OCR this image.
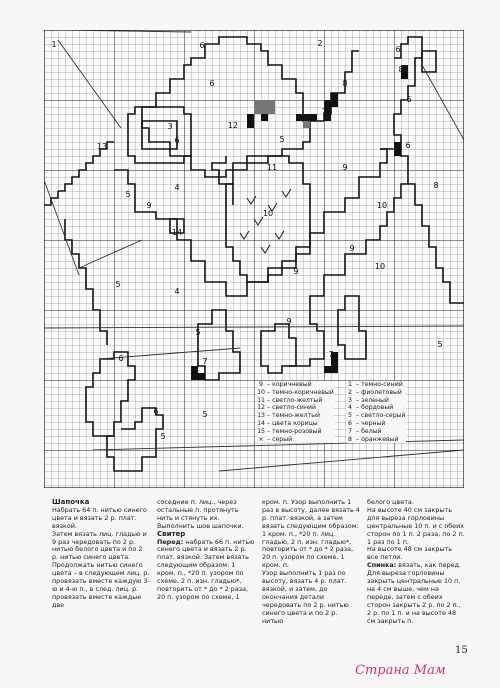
1	6	6
8
6
3
6
6
7
8
2
13
5
12
5
11
6
4
9
9
10
14
4
10
9
5
9
10
5
9
5
6	7
7
5
6	5
8
9 – коричневый
10 – темно-коричневый
11 – светло-желтый
12 – светло-синий
13 – темно-желтый
14 – цвета корицы
15 – темно-розовый
× – серый
1 – темно-синий
2 – фиолетовый
3 – зеленый
4 – бордовый
5 – светло-серый
6 – черный
7 – белый
8 – оранжевый

Шапочка

Набрать 64 п. нитью синего цвета и вязать 2 р. плат. вязкой.

Затем вязать лиц. гладью и 9 раз чередовать по 2 р. нитью белого цвета и по 2 р. нитью синего цвета.

Продолжать нитью синего цвета – в следующем лиц. р. провязать вместе каждую 3-ю и 4-ю п., в след. лиц. р. провязать вместе каждые две

соседние п. лиц., через остальные п. протянуть нить и стянуть их.

Выполнить шов шапочки.

Свитер

Перед: набрать 66 п. нитью синего цвета и вязать 2 р. плат. вязкой. Затем вязать следующим образом: 1 кром. п., *20 п. узором по схеме, 2 п. изн. гладью*, повторить от * до * 2 раза, 20 п. узором по схеме, 1

кром. п. Узор выполнить 1 раз в высоту, далее вязать 4 р. плат. вязкой, а затем вязать следующим образом: 1 кром. п., *20 п. лиц. гладью, 2 п. изн. гладью*, повторить от * до * 2 раза, 20 п. узором по схеме, 1 кром. п.

Узор выполнить 1 раз по высоту, вязать 4 р. плат. вязкой, и затем, до окончания детали чередовать по 2 р. нитью синего цвета и по 2 р. нитью

белого цвета.

На высоте 40 см закрыть для выреза горловины центральные 10 п. и с обеих сторон по 1 п. 2 раза, по 2 п. 1 раз по 1 п.

На высоте 48 см закрыть все петли.

Спинка: вязать, как перед.

Для выреза горловины закрыть центральные 10 п. на 4 см выше, чем на переде, затем с обеих сторон закрыть 2 р. по 2 п., 2 р. по 1 п. и на высоте 48 см закрыть п.

15
Страна Мам
